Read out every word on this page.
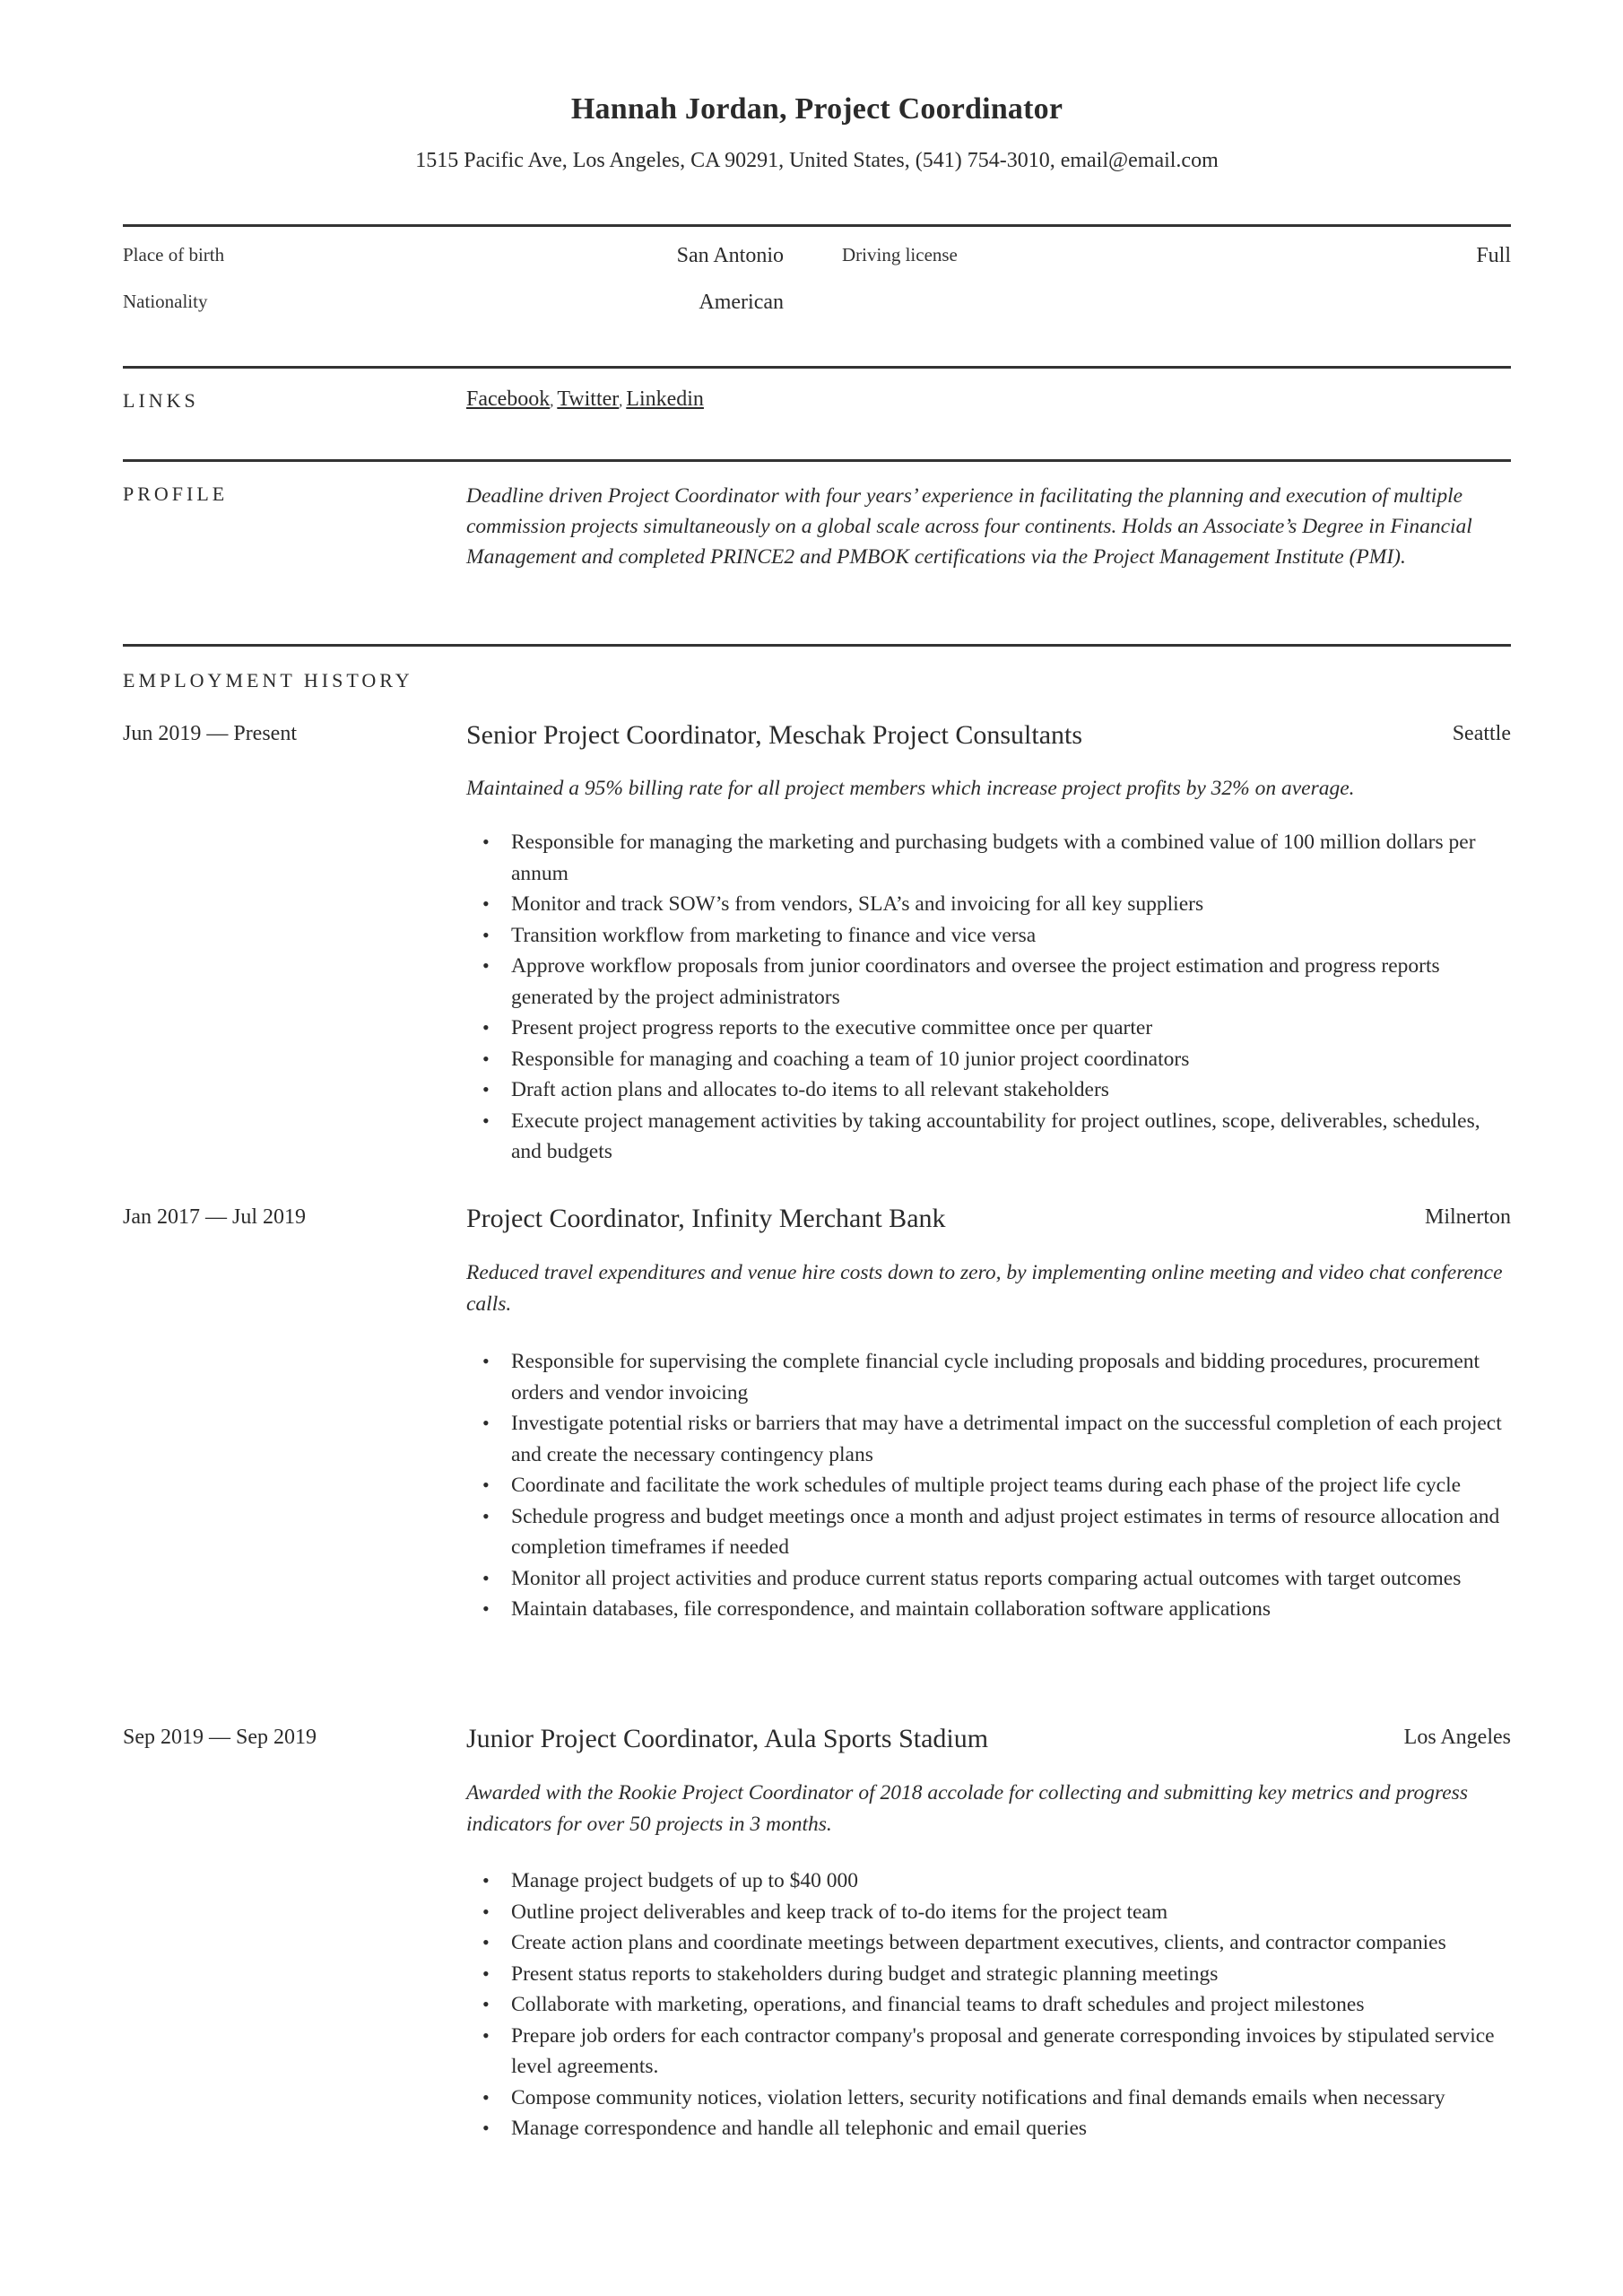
Hannah Jordan, Project Coordinator
1515 Pacific Ave, Los Angeles, CA 90291, United States, (541) 754-3010, email@email.com
Place of birth	San Antonio
Nationality	American
Driving license	Full
LINKS	Facebook, Twitter, Linkedin
PROFILE	Deadline driven Project Coordinator with four years’ experience in facilitating the planning and execution of multiple commission projects simultaneously on a global scale across four continents. Holds an Associate’s Degree in Financial Management and completed PRINCE2 and PMBOK certifications via the Project Management Institute (PMI).
EMPLOYMENT HISTORY
Jun 2019 — Present	Senior Project Coordinator, Meschak Project Consultants	Seattle
Maintained a 95% billing rate for all project members which increase project profits by 32% on average.
• Responsible for managing the marketing and purchasing budgets with a combined value of 100 million dollars per annum
• Monitor and track SOW’s from vendors, SLA’s and invoicing for all key suppliers
• Transition workflow from marketing to finance and vice versa
• Approve workflow proposals from junior coordinators and oversee the project estimation and progress reports generated by the project administrators
• Present project progress reports to the executive committee once per quarter
• Responsible for managing and coaching a team of 10 junior project coordinators
• Draft action plans and allocates to-do items to all relevant stakeholders
• Execute project management activities by taking accountability for project outlines, scope, deliverables, schedules, and budgets
Jan 2017 — Jul 2019	Project Coordinator, Infinity Merchant Bank	Milnerton
Reduced travel expenditures and venue hire costs down to zero, by implementing online meeting and video chat conference calls.
• Responsible for supervising the complete financial cycle including proposals and bidding procedures, procurement orders and vendor invoicing
• Investigate potential risks or barriers that may have a detrimental impact on the successful completion of each project and create the necessary contingency plans
• Coordinate and facilitate the work schedules of multiple project teams during each phase of the project life cycle
• Schedule progress and budget meetings once a month and adjust project estimates in terms of resource allocation and completion timeframes if needed
• Monitor all project activities and produce current status reports comparing actual outcomes with target outcomes
• Maintain databases, file correspondence, and maintain collaboration software applications
Sep 2019 — Sep 2019	Junior Project Coordinator, Aula Sports Stadium	Los Angeles
Awarded with the Rookie Project Coordinator of 2018 accolade for collecting and submitting key metrics and progress indicators for over 50 projects in 3 months.
• Manage project budgets of up to $40 000
• Outline project deliverables and keep track of to-do items for the project team
• Create action plans and coordinate meetings between department executives, clients, and contractor companies
• Present status reports to stakeholders during budget and strategic planning meetings
• Collaborate with marketing, operations, and financial teams to draft schedules and project milestones
• Prepare job orders for each contractor company's proposal and generate corresponding invoices by stipulated service level agreements.
• Compose community notices, violation letters, security notifications and final demands emails when necessary
• Manage correspondence and handle all telephonic and email queries
